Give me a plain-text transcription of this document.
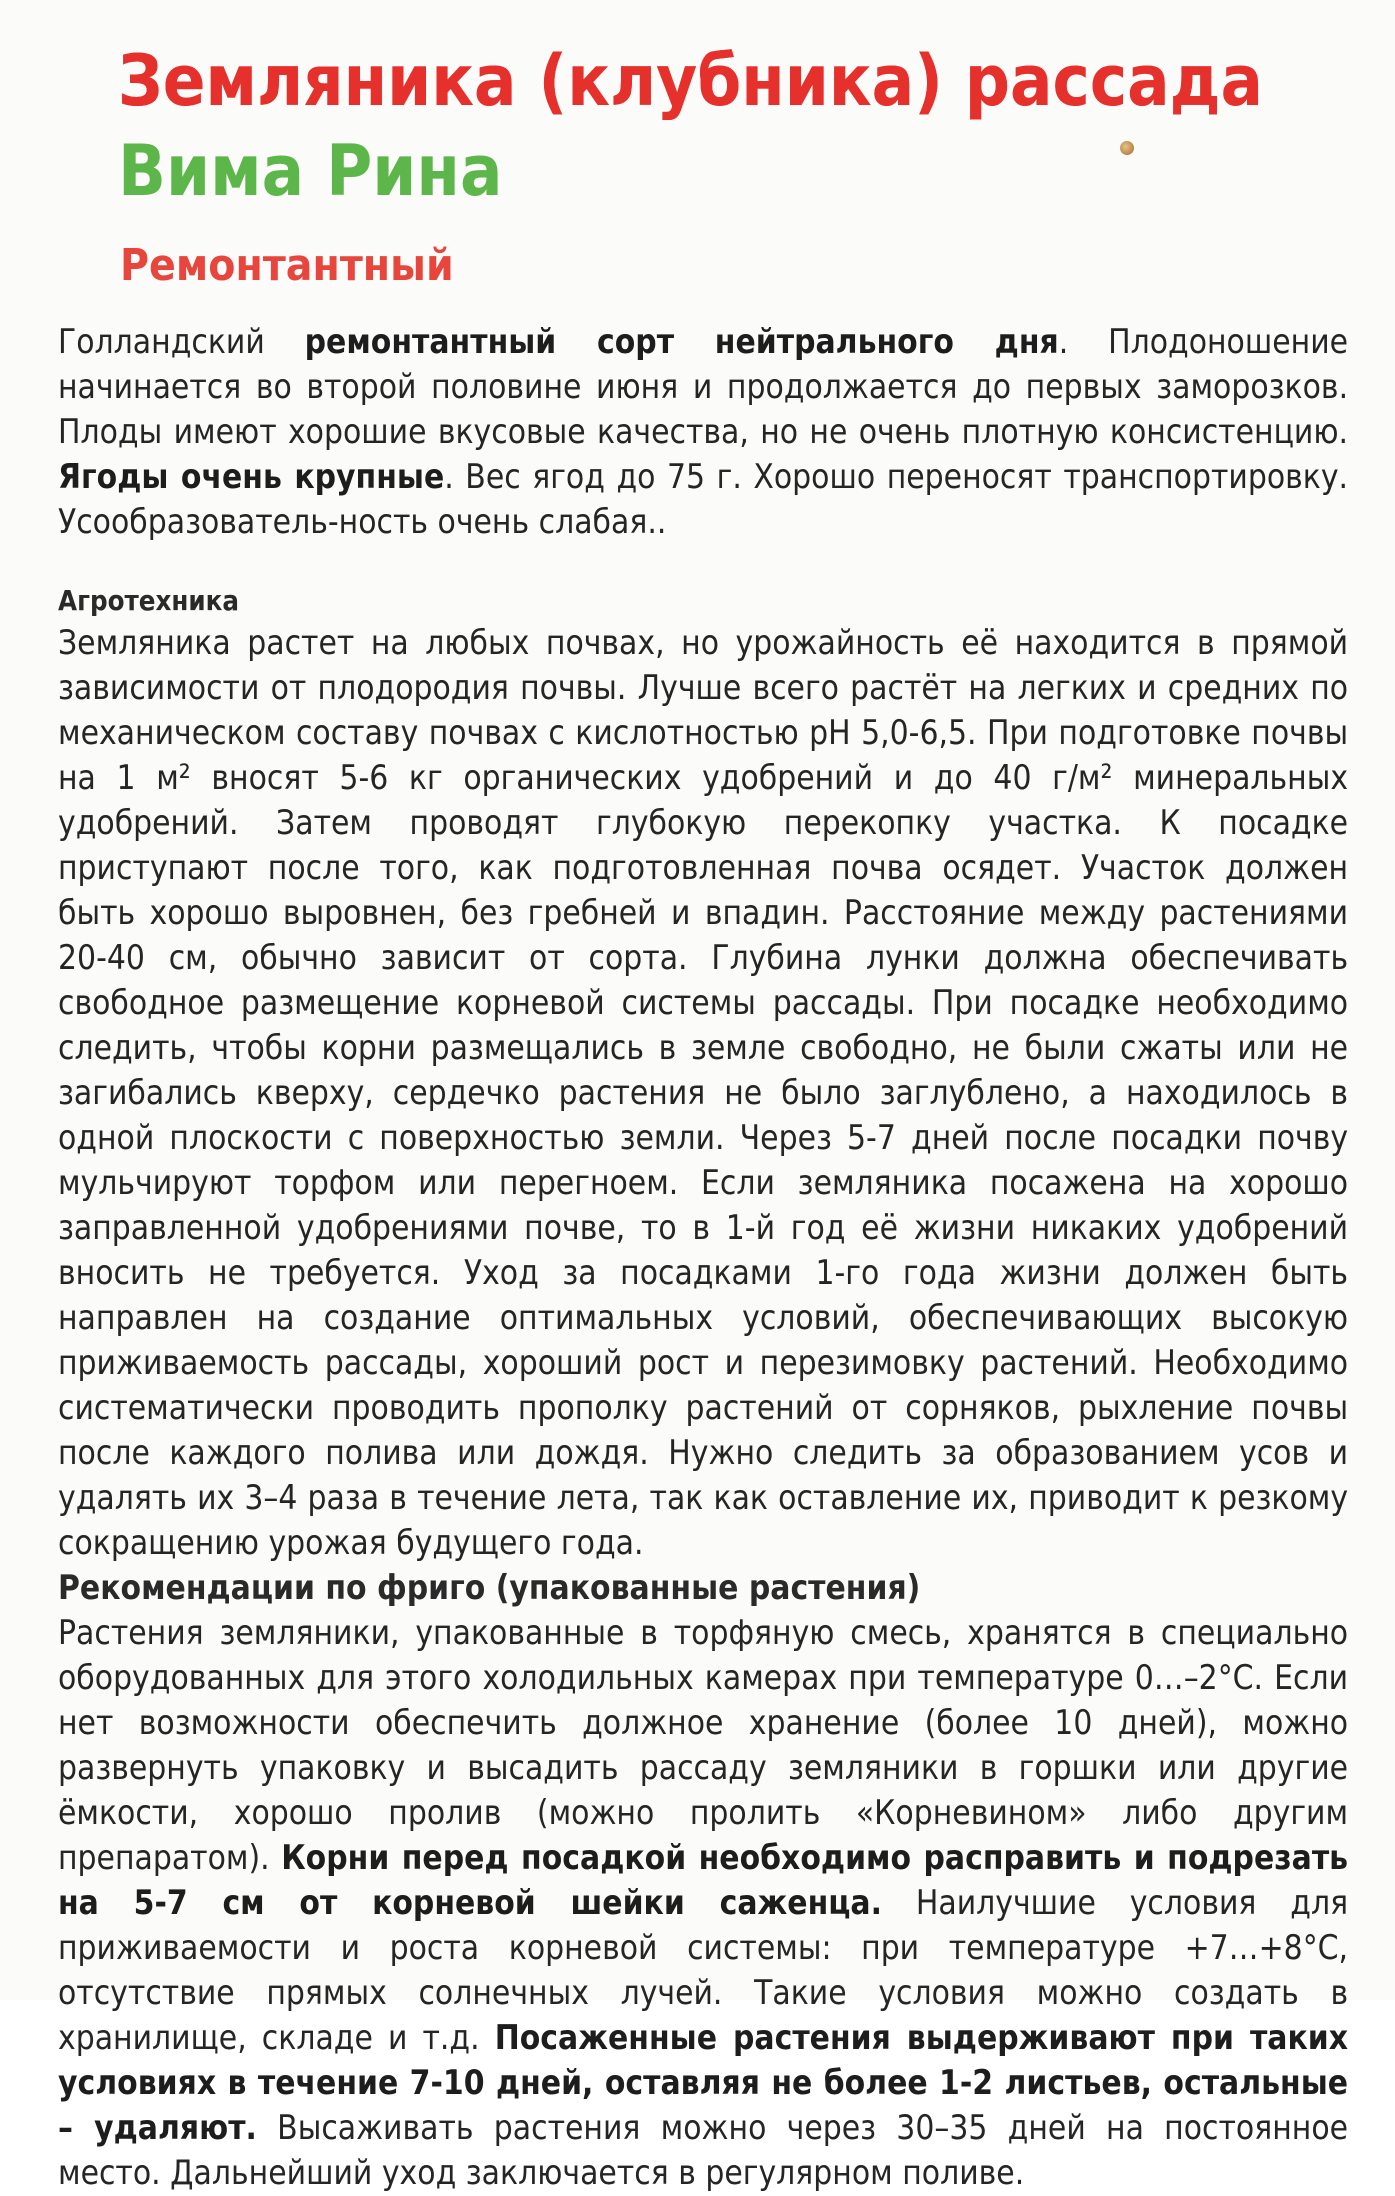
Земляника (клубника) рассада
Вима Рина
Ремонтантный

Голландский ремонтантный сорт нейтрального дня. Плодоношение начинается во второй половине июня и продолжается до первых заморозков. Плоды имеют хорошие вкусовые качества, но не очень плотную консистенцию. Ягоды очень крупные. Вес ягод до 75 г. Хорошо переносят транспортировку. Усообразователь-ность очень слабая..

Агротехника

Земляника растет на любых почвах, но урожайность её находится в прямой зависимости от плодородия почвы. Лучше всего растёт на легких и средних по механическом составу почвах с кислотностью pH 5,0-6,5. При подготовке почвы на 1 м² вносят 5-6 кг органических удобрений и до 40 г/м² минеральных удобрений. Затем проводят глубокую перекопку участка. К посадке приступают после того, как подготовленная почва осядет. Участок должен быть хорошо выровнен, без гребней и впадин. Расстояние между растениями 20-40 см, обычно зависит от сорта. Глубина лунки должна обеспечивать свободное размещение корневой системы рассады. При посадке необходимо следить, чтобы корни размещались в земле свободно, не были сжаты или не загибались кверху, сердечко растения не было заглублено, а находилось в одной плоскости с поверхностью земли. Через 5-7 дней после посадки почву мульчируют торфом или перегноем. Если земляника посажена на хорошо заправленной удобрениями почве, то в 1-й год её жизни никаких удобрений вносить не требуется. Уход за посадками 1-го года жизни должен быть направлен на создание оптимальных условий, обеспечивающих высокую приживаемость рассады, хороший рост и перезимовку растений. Необходимо систематически проводить прополку растений от сорняков, рыхление почвы после каждого полива или дождя. Нужно следить за образованием усов и удалять их 3–4 раза в течение лета, так как оставление их, приводит к резкому сокращению урожая будущего года.

Рекомендации по фриго (упакованные растения)

Растения земляники, упакованные в торфяную смесь, хранятся в специально оборудованных для этого холодильных камерах при температуре 0…–2°С. Если нет возможности обеспечить должное хранение (более 10 дней), можно развернуть упаковку и высадить рассаду земляники в горшки или другие ёмкости, хорошо пролив (можно пролить «Корневином» либо другим препаратом). Корни перед посадкой необходимо расправить и подрезать на 5-7 см от корневой шейки саженца. Наилучшие условия для приживаемости и роста корневой системы: при температуре +7…+8°С, отсутствие прямых солнечных лучей. Такие условия можно создать в хранилище, складе и т.д. Посаженные растения выдерживают при таких условиях в течение 7-10 дней, оставляя не более 1-2 листьев, остальные – удаляют. Высаживать растения можно через 30–35 дней на постоянное место. Дальнейший уход заключается в регулярном поливе.
